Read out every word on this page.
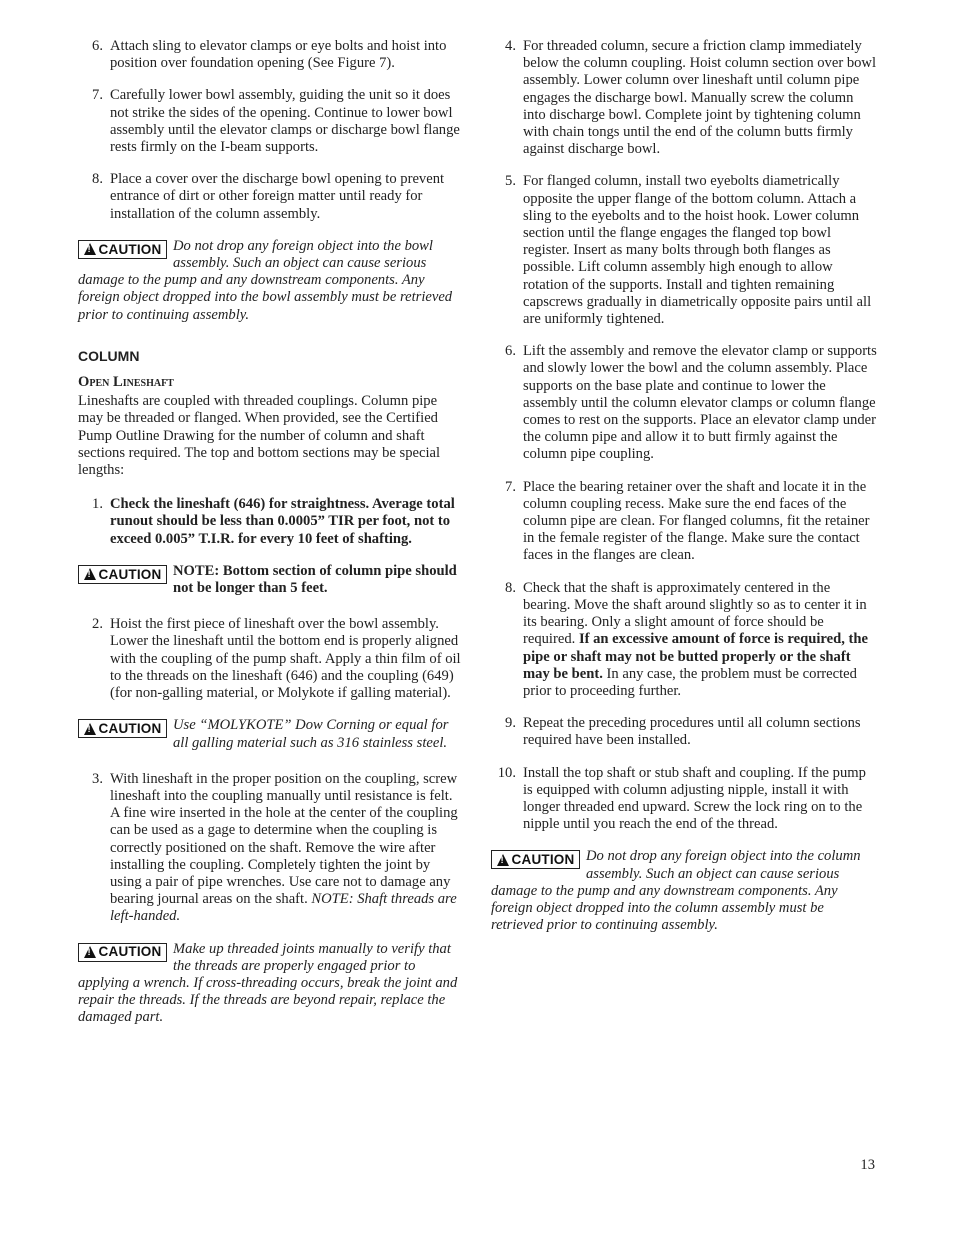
6. Attach sling to elevator clamps or eye bolts and hoist into position over foundation opening (See Figure 7).
7. Carefully lower bowl assembly, guiding the unit so it does not strike the sides of the opening. Continue to lower bowl assembly until the elevator clamps or discharge bowl flange rests firmly on the I-beam supports.
8. Place a cover over the discharge bowl opening to prevent entrance of dirt or other foreign matter until ready for installation of the column assembly.
!
CAUTION Do not drop any foreign object into the bowl assembly. Such an object can cause serious damage to the pump and any downstream components. Any foreign object dropped into the bowl assembly must be retrieved prior to continuing assembly.
COLUMN
Open Lineshaft

Lineshafts are coupled with threaded couplings. Column pipe may be threaded or flanged. When provided, see the Certified Pump Outline Drawing for the number of column and shaft sections required. The top and bottom sections may be special lengths:

1. Check the lineshaft (646) for straightness. Average total runout should be less than 0.0005” TIR per foot, not to exceed 0.005” T.I.R. for every 10 feet of shafting.
!
CAUTION NOTE: Bottom section of column pipe should not be longer than 5 feet.
2. Hoist the first piece of lineshaft over the bowl assembly. Lower the lineshaft until the bottom end is properly aligned with the coupling of the pump shaft. Apply a thin film of oil to the threads on the lineshaft (646) and the coupling (649) (for non-galling material, or Molykote if galling material).
!
CAUTION Use “MOLYKOTE” Dow Corning or equal for all galling material such as 316 stainless steel.
3. With lineshaft in the proper position on the coupling, screw lineshaft into the coupling manually until resistance is felt. A fine wire inserted in the hole at the center of the coupling can be used as a gage to determine when the coupling is correctly positioned on the shaft. Remove the wire after installing the coupling. Completely tighten the joint by using a pair of pipe wrenches. Use care not to damage any bearing journal areas on the shaft. NOTE: Shaft threads are left-handed.
!
CAUTION Make up threaded joints manually to verify that the threads are properly engaged prior to applying a wrench. If cross-threading occurs, break the joint and repair the threads. If the threads are beyond repair, replace the damaged part.
4. For threaded column, secure a friction clamp immediately below the column coupling. Hoist column section over bowl assembly. Lower column over lineshaft until column pipe engages the discharge bowl. Manually screw the column into discharge bowl. Complete joint by tightening column with chain tongs until the end of the column butts firmly against discharge bowl.
5. For flanged column, install two eyebolts diametrically opposite the upper flange of the bottom column. Attach a sling to the eyebolts and to the hoist hook. Lower column section until the flange engages the flanged top bowl register. Insert as many bolts through both flanges as possible. Lift column assembly high enough to allow rotation of the supports. Install and tighten remaining capscrews gradually in diametrically opposite pairs until all are uniformly tightened.
6. Lift the assembly and remove the elevator clamp or supports and slowly lower the bowl and the column assembly. Place supports on the base plate and continue to lower the assembly until the column elevator clamps or column flange comes to rest on the supports. Place an elevator clamp under the column pipe and allow it to butt firmly against the column pipe coupling.
7. Place the bearing retainer over the shaft and locate it in the column coupling recess. Make sure the end faces of the column pipe are clean. For flanged columns, fit the retainer in the female register of the flange. Make sure the contact faces in the flanges are clean.
8. Check that the shaft is approximately centered in the bearing. Move the shaft around slightly so as to center it in its bearing. Only a slight amount of force should be required. If an excessive amount of force is required, the pipe or shaft may not be butted properly or the shaft may be bent. In any case, the problem must be corrected prior to proceeding further.
9. Repeat the preceding procedures until all column sections required have been installed.
10. Install the top shaft or stub shaft and coupling. If the pump is equipped with column adjusting nipple, install it with longer threaded end upward. Screw the lock ring on to the nipple until you reach the end of the thread.
!
CAUTION Do not drop any foreign object into the column assembly. Such an object can cause serious damage to the pump and any downstream components. Any foreign object dropped into the column assembly must be retrieved prior to continuing assembly.
13
